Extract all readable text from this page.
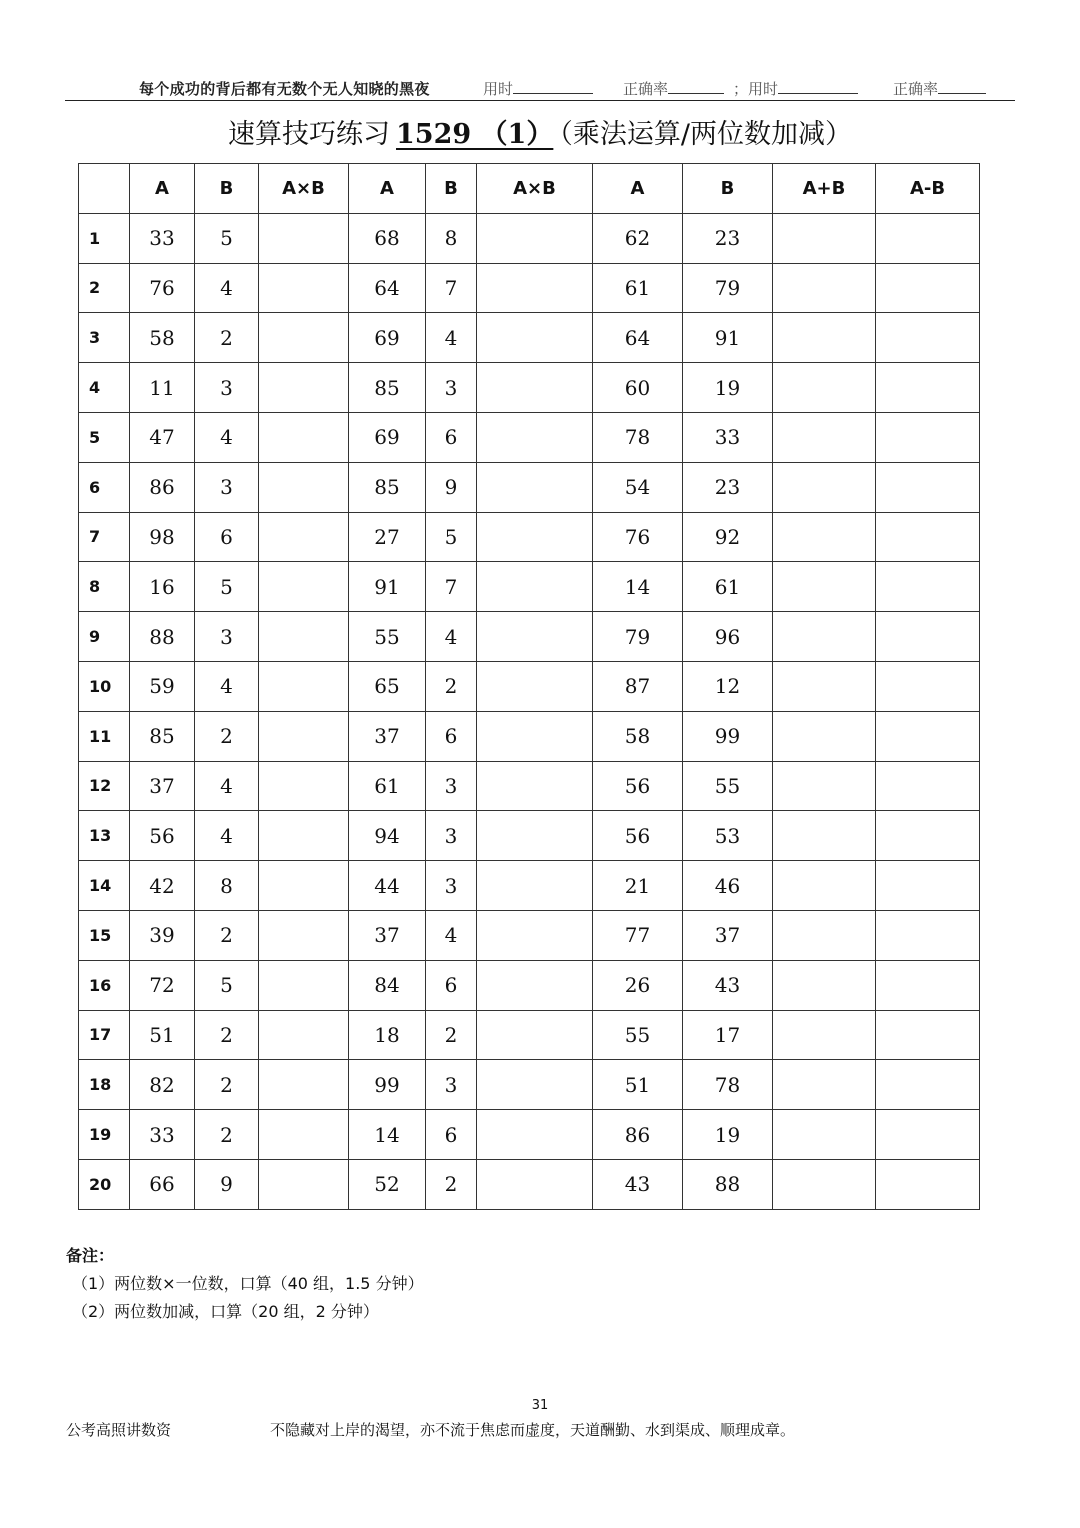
每个成功的背后都有无数个无人知晓的黑夜	用时	正确率	；用时	正确率
速算技巧练习 1529 （1） （乘法运算/两位数加减）
	A	B	A×B	A	B	A×B	A	B	A+B	A-B
1	33	5		68	8		62	23		
2	76	4		64	7		61	79		
3	58	2		69	4		64	91		
4	11	3		85	3		60	19		
5	47	4		69	6		78	33		
6	86	3		85	9		54	23		
7	98	6		27	5		76	92		
8	16	5		91	7		14	61		
9	88	3		55	4		79	96		
10	59	4		65	2		87	12		
11	85	2		37	6		58	99		
12	37	4		61	3		56	55		
13	56	4		94	3		56	53		
14	42	8		44	3		21	46		
15	39	2		37	4		77	37		
16	72	5		84	6		26	43		
17	51	2		18	2		55	17		
18	82	2		99	3		51	78		
19	33	2		14	6		86	19		
20	66	9		52	2		43	88		
备注：
（1）两位数×一位数，口算（40 组，1.5 分钟）
（2）两位数加减，口算（20 组，2 分钟）
31
公考高照讲数资	不隐藏对上岸的渴望，亦不流于焦虑而虚度，天道酬勤、水到渠成、顺理成章。
